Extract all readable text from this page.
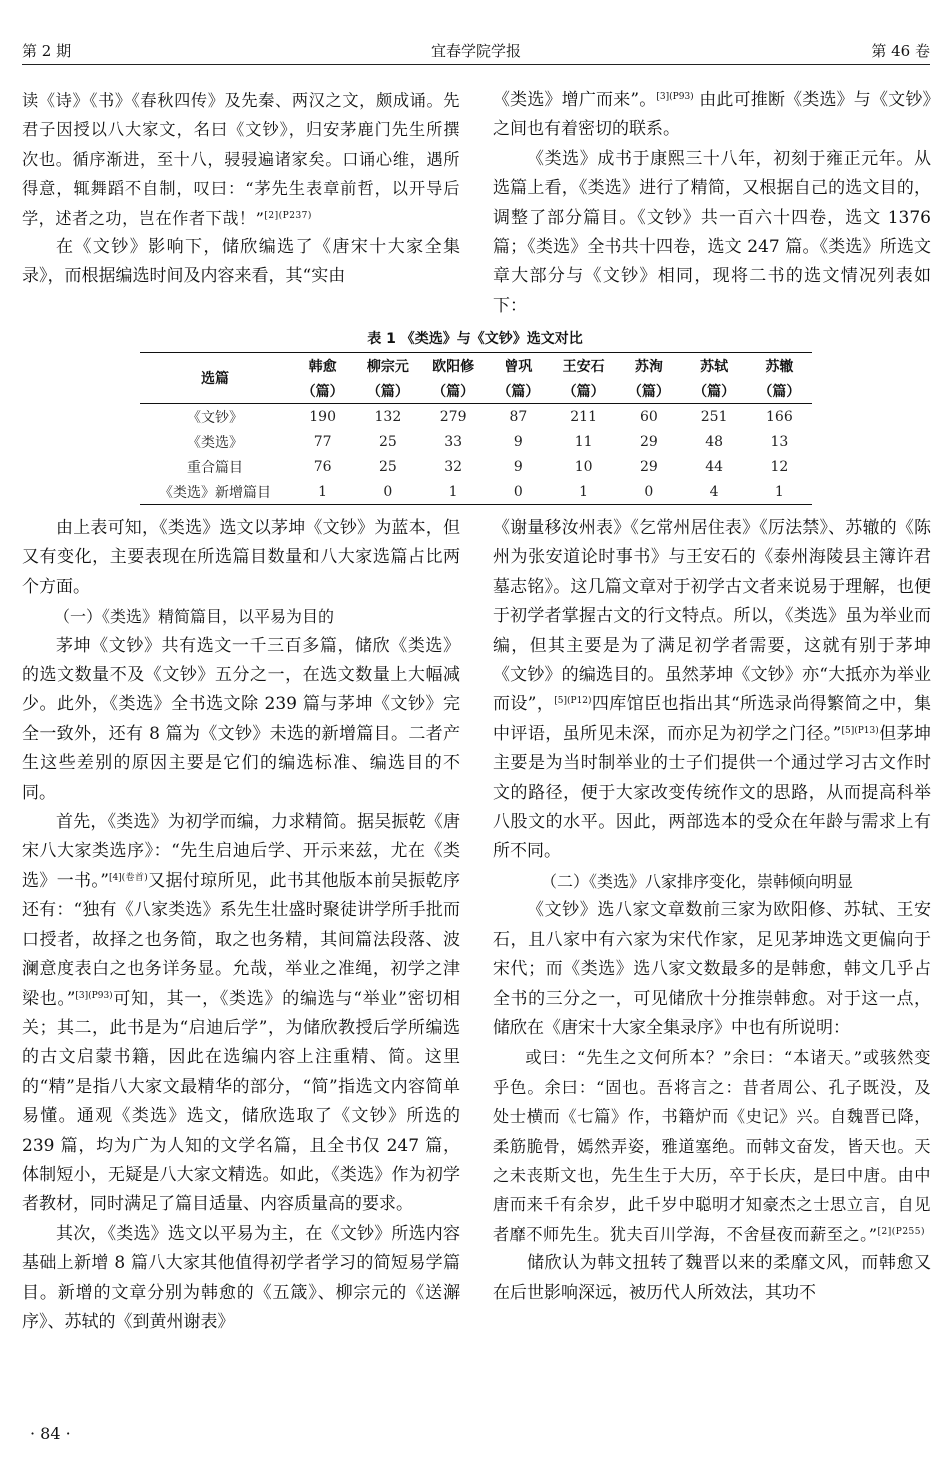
第 2 期	宜春学院学报	第 46 卷

读《诗》《书》《春秋四传》及先秦、两汉之文，颇成诵。先君子因授以八大家文，名曰《文钞》，归安茅鹿门先生所撰次也。循序渐进，至十八，骎骎遍诸家矣。口诵心维，遇所得意，辄舞蹈不自制，叹曰：“茅先生表章前哲，以开导后学，述者之功，岂在作者下哉！”$^{[2](P237)}$

在《文钞》影响下，储欣编选了《唐宋十大家全集录》，而根据编选时间及内容来看，其“实由

《类选》增广而来”。$^{[3](P93)}$ 由此可推断《类选》与《文钞》之间也有着密切的联系。

《类选》成书于康熙三十八年，初刻于雍正元年。从选篇上看，《类选》进行了精简，又根据自己的选文目的，调整了部分篇目。《文钞》共一百六十四卷，选文 1376 篇；《类选》全书共十四卷，选文 247 篇。《类选》所选文章大部分与《文钞》相同，现将二书的选文情况列表如下：

表 1 《类选》与《文钞》选文对比
选篇	韩愈	柳宗元	欧阳修	曾巩	王安石	苏洵	苏轼	苏辙
	（篇）	（篇）	（篇）	（篇）	（篇）	（篇）	（篇）	（篇）
《文钞》	190	132	279	87	211	60	251	166
《类选》	77	25	33	9	11	29	48	13
重合篇目	76	25	32	9	10	29	44	12
《类选》新增篇目	1	0	1	0	1	0	4	1

由上表可知，《类选》选文以茅坤《文钞》为蓝本，但又有变化，主要表现在所选篇目数量和八大家选篇占比两个方面。

（一）《类选》精简篇目，以平易为目的

茅坤《文钞》共有选文一千三百多篇，储欣《类选》的选文数量不及《文钞》五分之一，在选文数量上大幅减少。此外，《类选》全书选文除 239 篇与茅坤《文钞》完全一致外，还有 8 篇为《文钞》未选的新增篇目。二者产生这些差别的原因主要是它们的编选标准、编选目的不同。

首先，《类选》为初学而编，力求精简。据吴振乾《唐宋八大家类选序》：“先生启迪后学、开示来兹，尤在《类选》一书。”$^{[4](卷首)}$又据付琼所见，此书其他版本前吴振乾序还有：“独有《八家类选》系先生壮盛时聚徒讲学所手批而口授者，故择之也务简，取之也务精，其间篇法段落、波澜意度表白之也务详务显。允哉，举业之准绳，初学之津梁也。”$^{[3](P93)}$可知，其一，《类选》的编选与“举业”密切相关；其二，此书是为“启迪后学”，为储欣教授后学所编选的古文启蒙书籍，因此在选编内容上注重精、简。这里的“精”是指八大家文最精华的部分，“简”指选文内容简单易懂。通观《类选》选文，储欣选取了《文钞》所选的 239 篇，均为广为人知的文学名篇，且全书仅 247 篇，体制短小，无疑是八大家文精选。如此，《类选》作为初学者教材，同时满足了篇目适量、内容质量高的要求。

其次，《类选》选文以平易为主，在《文钞》所选内容基础上新增 8 篇八大家其他值得初学者学习的简短易学篇目。新增的文章分别为韩愈的《五箴》、柳宗元的《送澥序》、苏轼的《到黄州谢表》

《谢量移汝州表》《乞常州居住表》《厉法禁》、苏辙的《陈州为张安道论时事书》与王安石的《泰州海陵县主簿许君墓志铭》。这几篇文章对于初学古文者来说易于理解，也便于初学者掌握古文的行文特点。所以，《类选》虽为举业而编，但其主要是为了满足初学者需要，这就有别于茅坤《文钞》的编选目的。虽然茅坤《文钞》亦“大抵亦为举业而设”，$^{[5](P12)}$四库馆臣也指出其“所选录尚得繁简之中，集中评语，虽所见未深，而亦足为初学之门径。”$^{[5](P13)}$但茅坤主要是为当时制举业的士子们提供一个通过学习古文作时文的路径，便于大家改变传统作文的思路，从而提高科举八股文的水平。因此，两部选本的受众在年龄与需求上有所不同。

（二）《类选》八家排序变化，崇韩倾向明显

《文钞》选八家文章数前三家为欧阳修、苏轼、王安石，且八家中有六家为宋代作家，足见茅坤选文更偏向于宋代；而《类选》选八家文数最多的是韩愈，韩文几乎占全书的三分之一，可见储欣十分推崇韩愈。对于这一点，储欣在《唐宋十大家全集录序》中也有所说明：

或曰：“先生之文何所本？”余曰：“本诸天。”或骇然变乎色。余曰：“固也。吾将言之：昔者周公、孔子既没，及处士横而《七篇》作，书籍炉而《史记》兴。自魏晋已降，柔筋脆骨，嫣然弄姿，雅道塞绝。而韩文奋发，皆天也。天之未丧斯文也，先生生于大历，卒于长庆，是曰中唐。由中唐而来千有余岁，此千岁中聪明才知豪杰之士思立言，自见者靡不师先生。犹夫百川学海，不舍昼夜而薪至之。”$^{[2](P255)}$

储欣认为韩文扭转了魏晋以来的柔靡文风，而韩愈又在后世影响深远，被历代人所效法，其功不

· 84 ·
